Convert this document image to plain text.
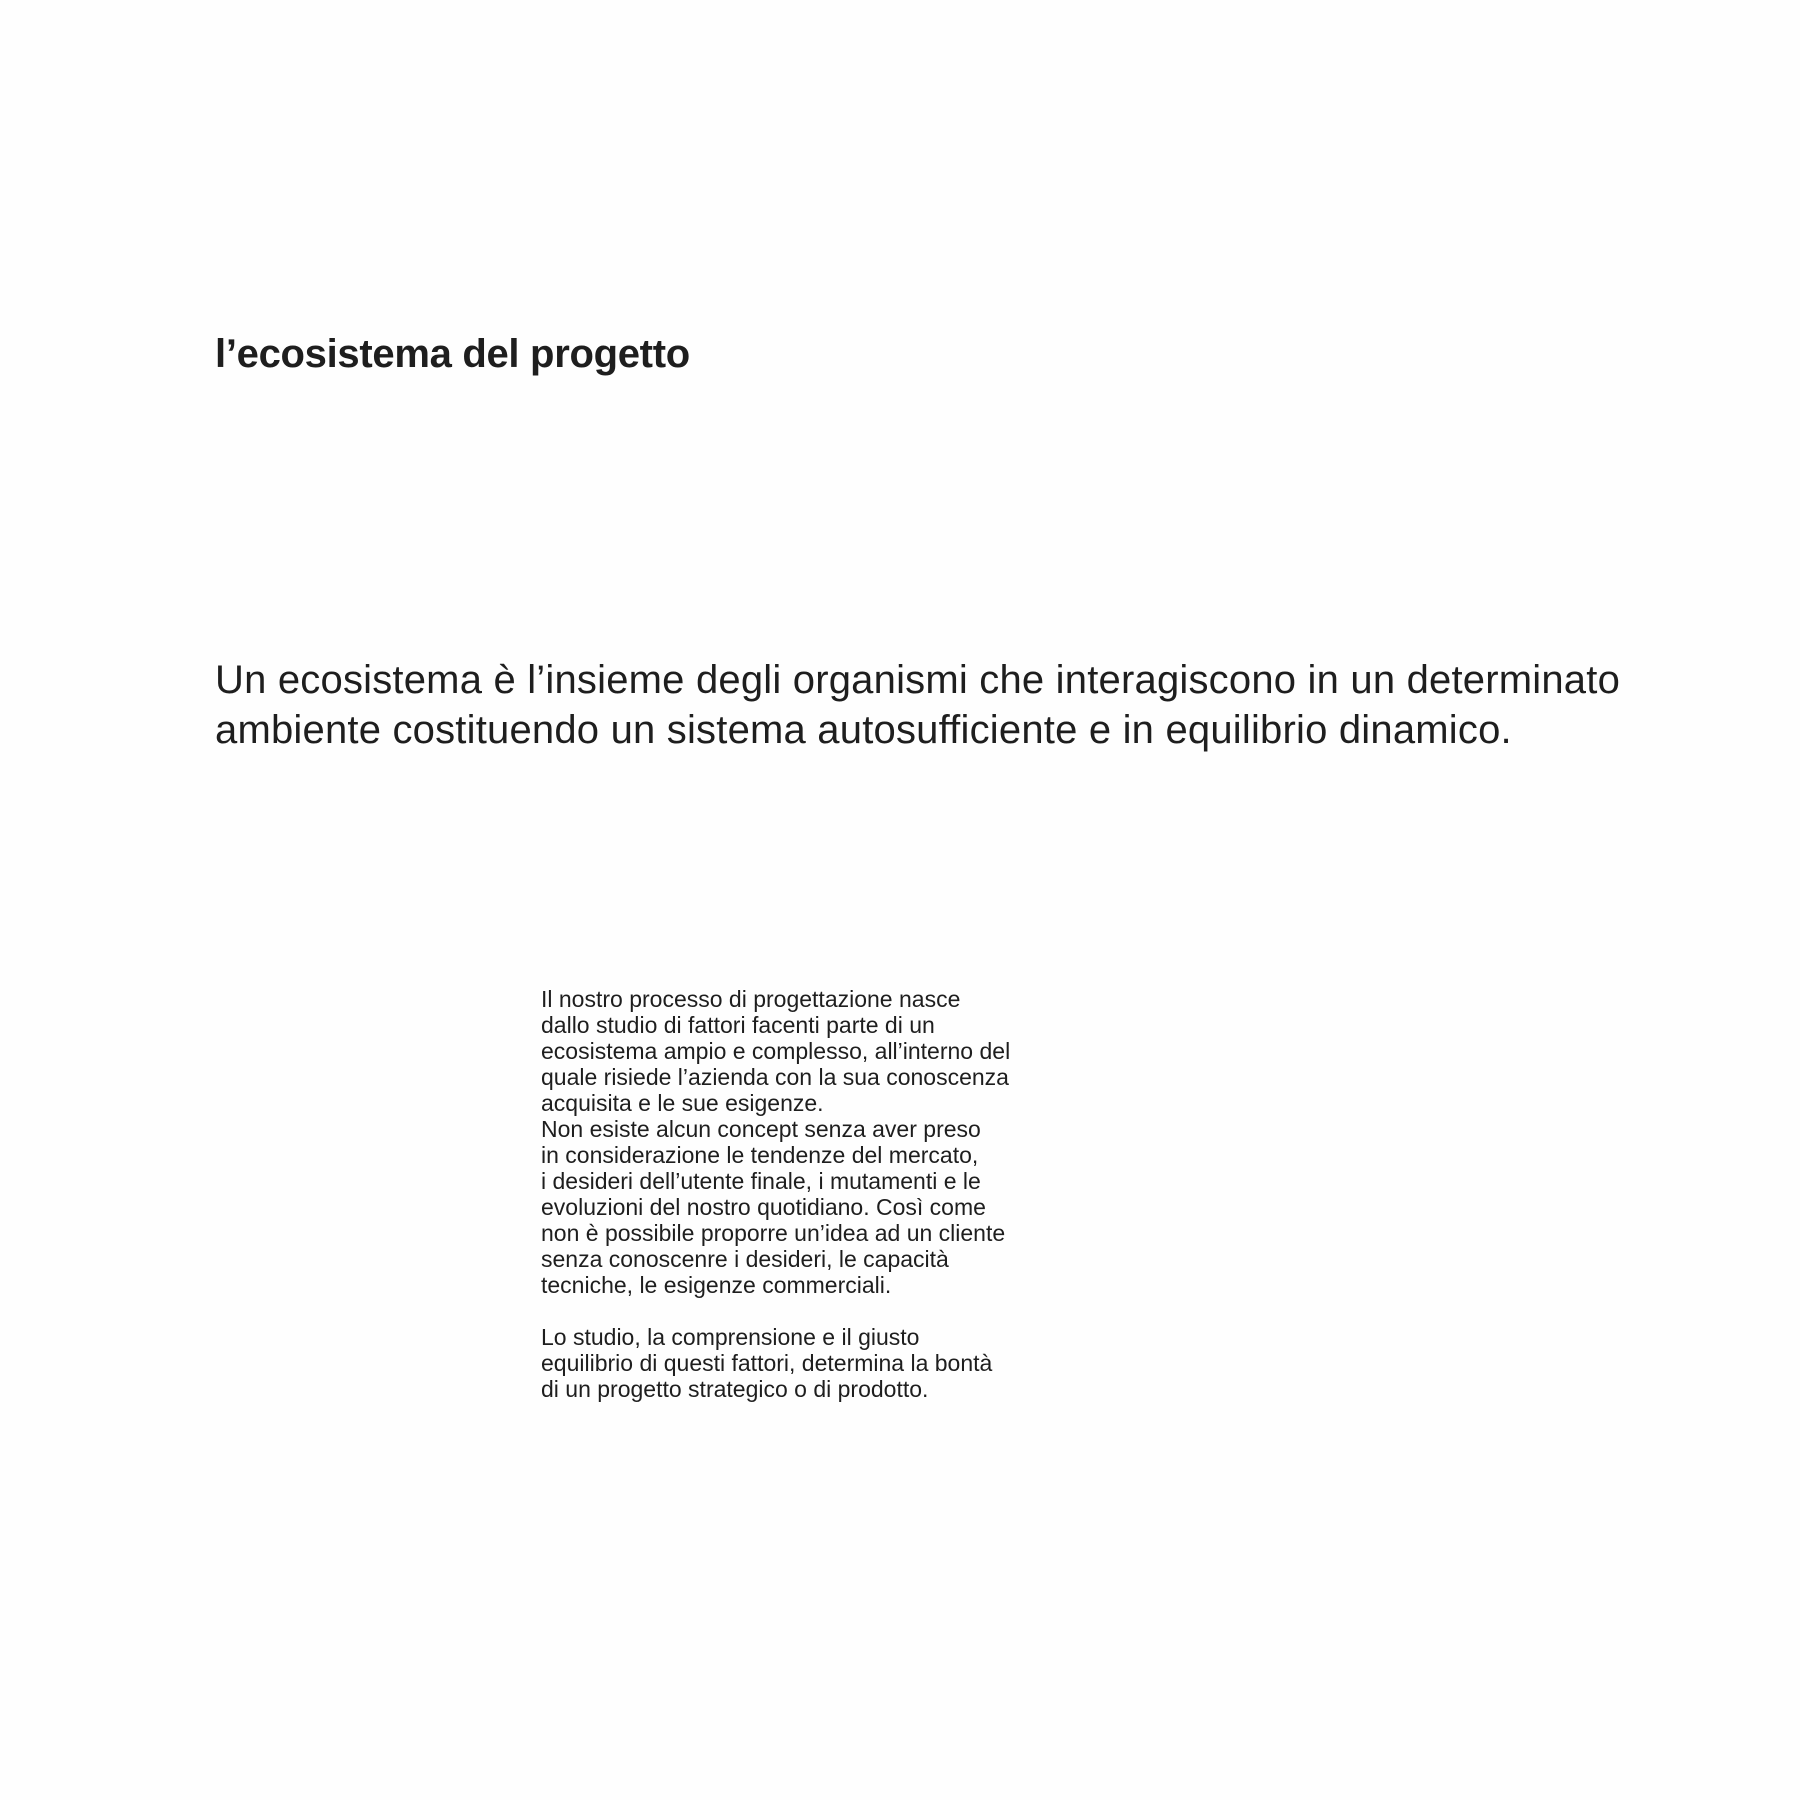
l’ecosistema del progetto
Un ecosistema è l’insieme degli organismi che interagiscono in un determinato
ambiente costituendo un sistema autosufficiente e in equilibrio dinamico.

Il nostro processo di progettazione nasce
dallo studio di fattori facenti parte di un
ecosistema ampio e complesso, all’interno del
quale risiede l’azienda con la sua conoscenza
acquisita e le sue esigenze.
Non esiste alcun concept senza aver preso
in considerazione le tendenze del mercato,
i desideri dell’utente finale, i mutamenti e le
evoluzioni del nostro quotidiano. Così come
non è possibile proporre un’idea ad un cliente
senza conoscenre i desideri, le capacità
tecniche, le esigenze commerciali.

Lo studio, la comprensione e il giusto
equilibrio di questi fattori, determina la bontà
di un progetto strategico o di prodotto.
